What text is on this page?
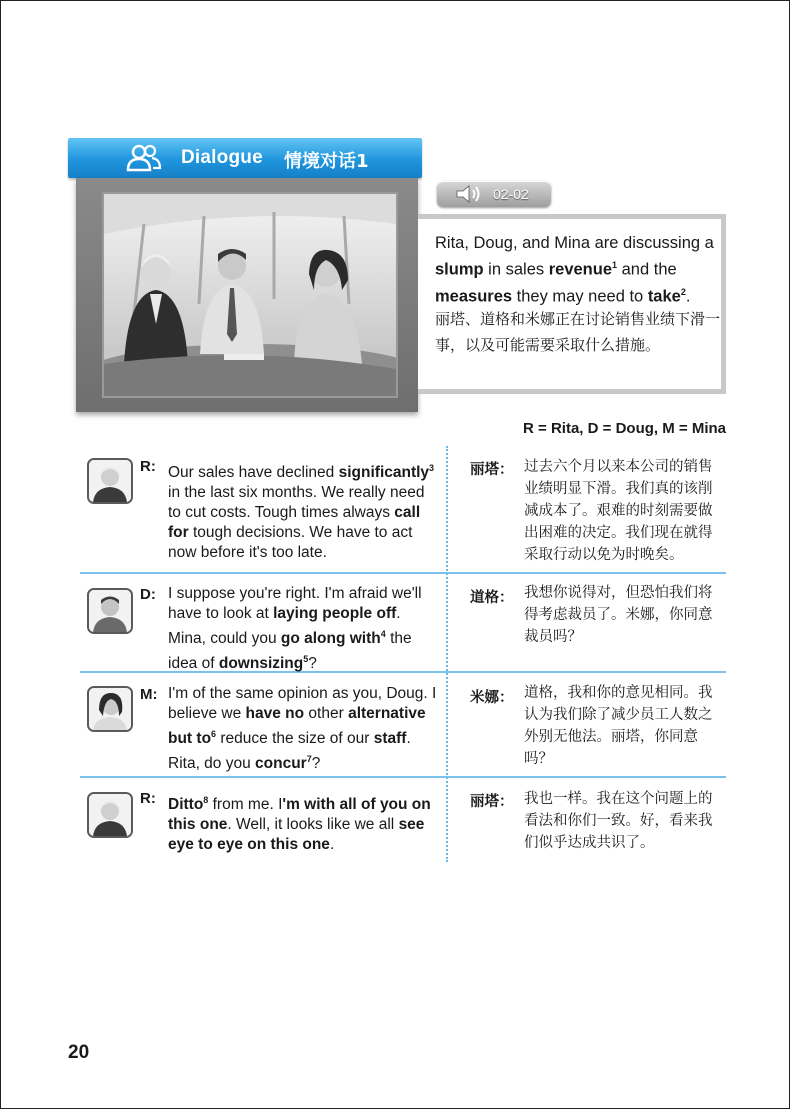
Dialogue 情境对话1
02-02
Rita, Doug, and Mina are discussing a slump in sales revenue$^1$ and the measures they may need to take$^2$.
丽塔、道格和米娜正在讨论销售业绩下滑一事，以及可能需要采取什么措施。
R = Rita, D = Doug, M = Mina
R: Our sales have declined significantly$^3$ in the last six months. We really need to cut costs. Tough times always call for tough decisions. We have to act now before it's too late.
丽塔： 过去六个月以来本公司的销售业绩明显下滑。我们真的该削减成本了。艰难的时刻需要做出困难的决定。我们现在就得采取行动以免为时晚矣。
D: I suppose you're right. I'm afraid we'll have to look at laying people off. Mina, could you go along with$^4$ the idea of downsizing$^5$?
道格： 我想你说得对，但恐怕我们将得考虑裁员了。米娜，你同意裁员吗？
M: I'm of the same opinion as you, Doug. I believe we have no other alternative but $to^6$ reduce the size of our staff. Rita, do you concur$^7$?
米娜： 道格，我和你的意见相同。我认为我们除了减少员工人数之外别无他法。丽塔，你同意吗？
R: Ditto$^8$ from me. I'm with all of you on this one. Well, it looks like we all see eye to eye on this one.
丽塔： 我也一样。我在这个问题上的看法和你们一致。好，看来我们似乎达成共识了。
20
